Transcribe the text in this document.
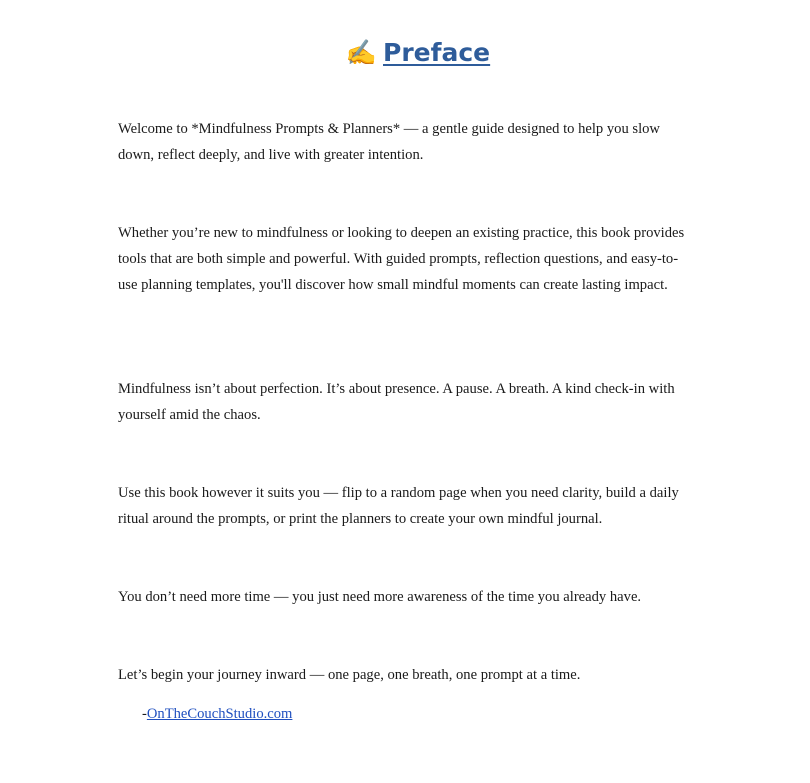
✍️ Preface

Welcome to *Mindfulness Prompts & Planners* — a gentle guide designed to help you slow down, reflect deeply, and live with greater intention.

Whether you’re new to mindfulness or looking to deepen an existing practice, this book provides tools that are both simple and powerful. With guided prompts, reflection questions, and easy-to-use planning templates, you'll discover how small mindful moments can create lasting impact.

Mindfulness isn’t about perfection. It’s about presence. A pause. A breath. A kind check-in with yourself amid the chaos.

Use this book however it suits you — flip to a random page when you need clarity, build a daily ritual around the prompts, or print the planners to create your own mindful journal.

You don’t need more time — you just need more awareness of the time you already have.

Let’s begin your journey inward — one page, one breath, one prompt at a time.

-OnTheCouchStudio.com
